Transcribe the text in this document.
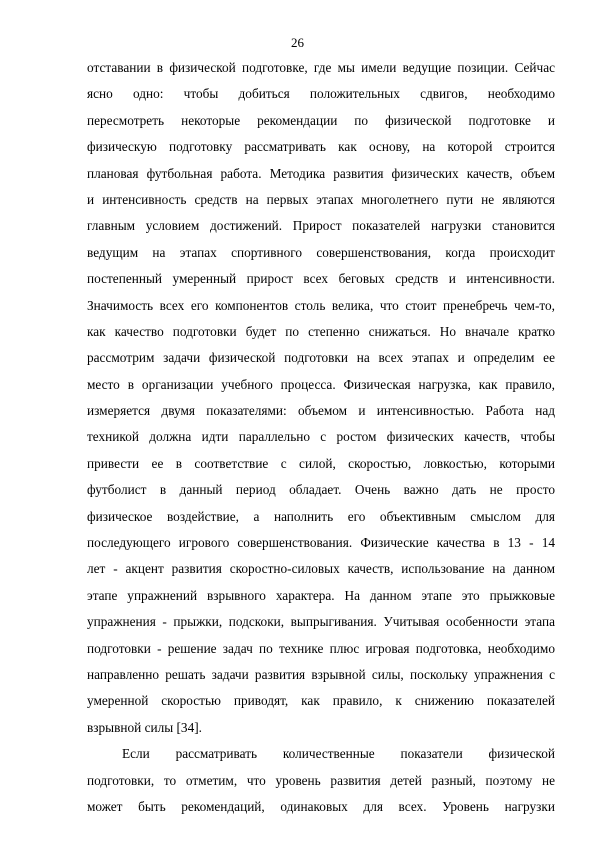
26
отставании в физической подготовке, где мы имели ведущие позиции. Сейчас
ясно одно: чтобы добиться положительных сдвигов, необходимо
пересмотреть некоторые рекомендации по физической подготовке и
физическую подготовку рассматривать как основу, на которой строится
плановая футбольная работа. Методика развития физических качеств, объем
и интенсивность средств на первых этапах многолетнего пути не являются
главным условием достижений. Прирост показателей нагрузки становится
ведущим на этапах спортивного совершенствования, когда происходит
постепенный умеренный прирост всех беговых средств и интенсивности.
Значимость всех его компонентов столь велика, что стоит пренебречь чем-то,
как качество подготовки будет по степенно снижаться. Но вначале кратко
рассмотрим задачи физической подготовки на всех этапах и определим ее
место в организации учебного процесса. Физическая нагрузка, как правило,
измеряется двумя показателями: объемом и интенсивностью. Работа над
техникой должна идти параллельно с ростом физических качеств, чтобы
привести ее в соответствие с силой, скоростью, ловкостью, которыми
футболист в данный период обладает. Очень важно дать не просто
физическое воздействие, а наполнить его объективным смыслом для
последующего игрового совершенствования. Физические качества в 13 - 14
лет - акцент развития скоростно-силовых качеств, использование на данном
этапе упражнений взрывного характера. На данном этапе это прыжковые
упражнения - прыжки, подскоки, выпрыгивания. Учитывая особенности этапа
подготовки - решение задач по технике плюс игровая подготовка, необходимо
направленно решать задачи развития взрывной силы, поскольку упражнения с
умеренной скоростью приводят, как правило, к снижению показателей
взрывной силы [34].
Если рассматривать количественные показатели физической
подготовки, то отметим, что уровень развития детей разный, поэтому не
может быть рекомендаций, одинаковых для всех. Уровень нагрузки
